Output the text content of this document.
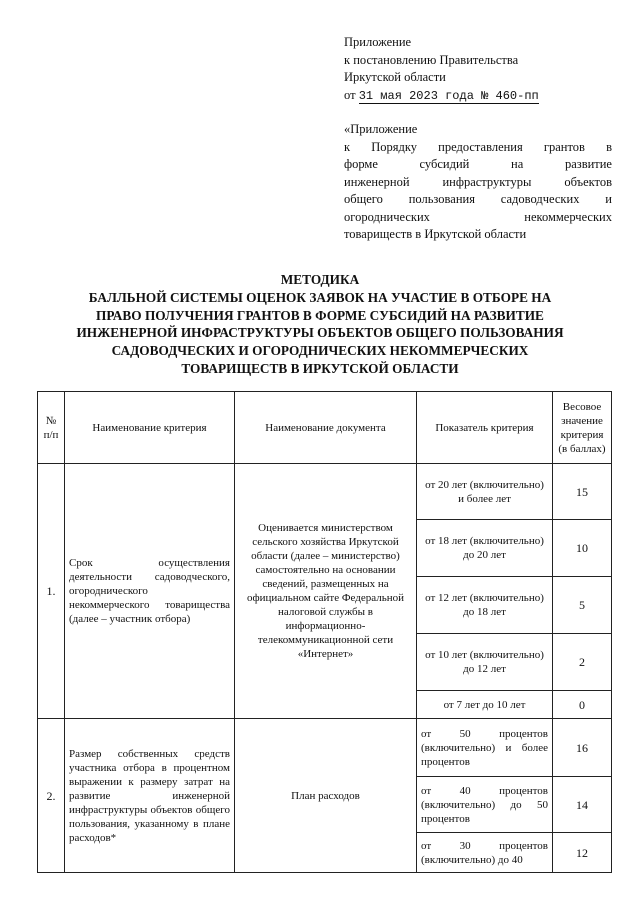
Приложение
к постановлению Правительства
Иркутской области
от 31 мая 2023 года № 460-пп
«Приложение
к Порядку предоставления грантов в
форме субсидий на развитие
инженерной инфраструктуры объектов
общего пользования садоводческих и
огороднических некоммерческих
товариществ в Иркутской области
МЕТОДИКА
БАЛЛЬНОЙ СИСТЕМЫ ОЦЕНОК ЗАЯВОК НА УЧАСТИЕ В ОТБОРЕ НА
ПРАВО ПОЛУЧЕНИЯ ГРАНТОВ В ФОРМЕ СУБСИДИЙ НА РАЗВИТИЕ
ИНЖЕНЕРНОЙ ИНФРАСТРУКТУРЫ ОБЪЕКТОВ ОБЩЕГО ПОЛЬЗОВАНИЯ
САДОВОДЧЕСКИХ И ОГОРОДНИЧЕСКИХ НЕКОММЕРЧЕСКИХ
ТОВАРИЩЕСТВ В ИРКУТСКОЙ ОБЛАСТИ
№ п/п	Наименование критерия	Наименование документа	Показатель критерия	Весовое значение критерия (в баллах)
1.	Срок осуществления деятельности садоводческого, огороднического некоммерческого товарищества (далее – участник отбора)	Оценивается министерством сельского хозяйства Иркутской области (далее – министерство) самостоятельно на основании сведений, размещенных на официальном сайте Федеральной налоговой службы в информационно-телекоммуникационной сети «Интернет»	от 20 лет (включительно) и более лет	15
			от 18 лет (включительно) до 20 лет	10
			от 12 лет (включительно) до 18 лет	5
			от 10 лет (включительно) до 12 лет	2
			от 7 лет до 10 лет	0
2.	Размер собственных средств участника отбора в процентном выражении к размеру затрат на развитие инженерной инфраструктуры объектов общего пользования, указанному в плане расходов*	План расходов	от 50 процентов (включительно) и более процентов	16
			от 40 процентов (включительно) до 50 процентов	14
			от 30 процентов (включительно) до 40	12
